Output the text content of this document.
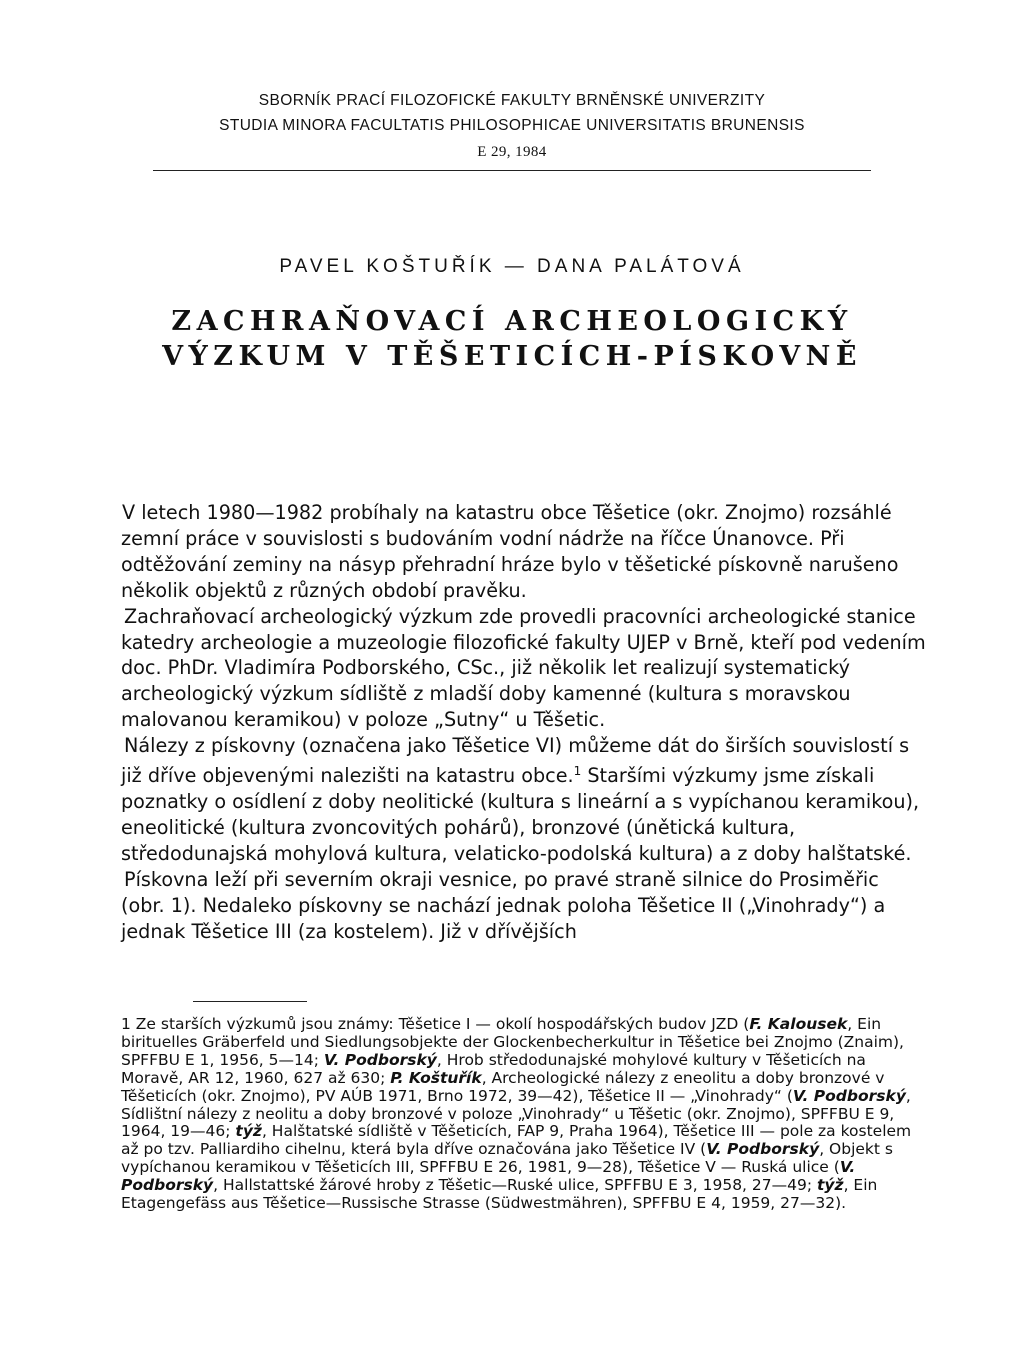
SBORNÍK PRACÍ FILOZOFICKÉ FAKULTY BRNĚNSKÉ UNIVERZITY
STUDIA MINORA FACULTATIS PHILOSOPHICAE UNIVERSITATIS BRUNENSIS
E 29, 1984
PAVEL KOŠTUŘÍK — DANA PALÁTOVÁ
ZACHRAŇOVACÍ ARCHEOLOGICKÝ
VÝZKUM V TĚŠETICÍCH-PÍSKOVNĚ

V letech 1980—1982 probíhaly na katastru obce Těšetice (okr. Znojmo) rozsáhlé zemní práce v souvislosti s budováním vodní nádrže na říčce Únanovce. Při odtěžování zeminy na násyp přehradní hráze bylo v těšetické pískovně narušeno několik objektů z různých období pravěku.

Zachraňovací archeologický výzkum zde provedli pracovníci archeologické stanice katedry archeologie a muzeologie filozofické fakulty UJEP v Brně, kteří pod vedením doc. PhDr. Vladimíra Podborského, CSc., již několik let realizují systematický archeologický výzkum sídliště z mladší doby kamenné (kultura s moravskou malovanou keramikou) v poloze „Sutny“ u Těšetic.

Nálezy z pískovny (označena jako Těšetice VI) můžeme dát do širších souvislostí s již dříve objevenými nalezišti na katastru obce.$^1$ Staršími výzkumy jsme získali poznatky o osídlení z doby neolitické (kultura s lineární a s vypíchanou keramikou), eneolitické (kultura zvoncovitých pohárů), bronzové (únětická kultura, středodunajská mohylová kultura, velaticko-podolská kultura) a z doby halštatské.

Pískovna leží při severním okraji vesnice, po pravé straně silnice do Prosiměřic (obr. 1). Nedaleko pískovny se nachází jednak poloha Těšetice II („Vinohrady“) a jednak Těšetice III (za kostelem). Již v dřívějších

1 Ze starších výzkumů jsou známy: Těšetice I — okolí hospodářských budov JZD (F. Kalousek, Ein birituelles Gräberfeld und Siedlungsobjekte der Glockenbecherkultur in Těšetice bei Znojmo (Znaim), SPFFBU E 1, 1956, 5—14; V. Podborský, Hrob středodunajské mohylové kultury v Těšeticích na Moravě, AR 12, 1960, 627 až 630; P. Koštuřík, Archeologické nálezy z eneolitu a doby bronzové v Těšeticích (okr. Znojmo), PV AÚB 1971, Brno 1972, 39—42), Těšetice II — „Vinohrady“ (V. Podborský, Sídlištní nálezy z neolitu a doby bronzové v poloze „Vinohrady“ u Těšetic (okr. Znojmo), SPFFBU E 9, 1964, 19—46; týž, Halštatské sídliště v Těšeticích, FAP 9, Praha 1964), Těšetice III — pole za kostelem až po tzv. Palliardiho cihelnu, která byla dříve označována jako Těšetice IV (V. Podborský, Objekt s vypíchanou keramikou v Těšeticích III, SPFFBU E 26, 1981, 9—28), Těšetice V — Ruská ulice (V. Podborský, Hallstattské žárové hroby z Těšetic—Ruské ulice, SPFFBU E 3, 1958, 27—49; týž, Ein Etagengefäss aus Těšetice—Russische Strasse (Südwestmähren), SPFFBU E 4, 1959, 27—32).
